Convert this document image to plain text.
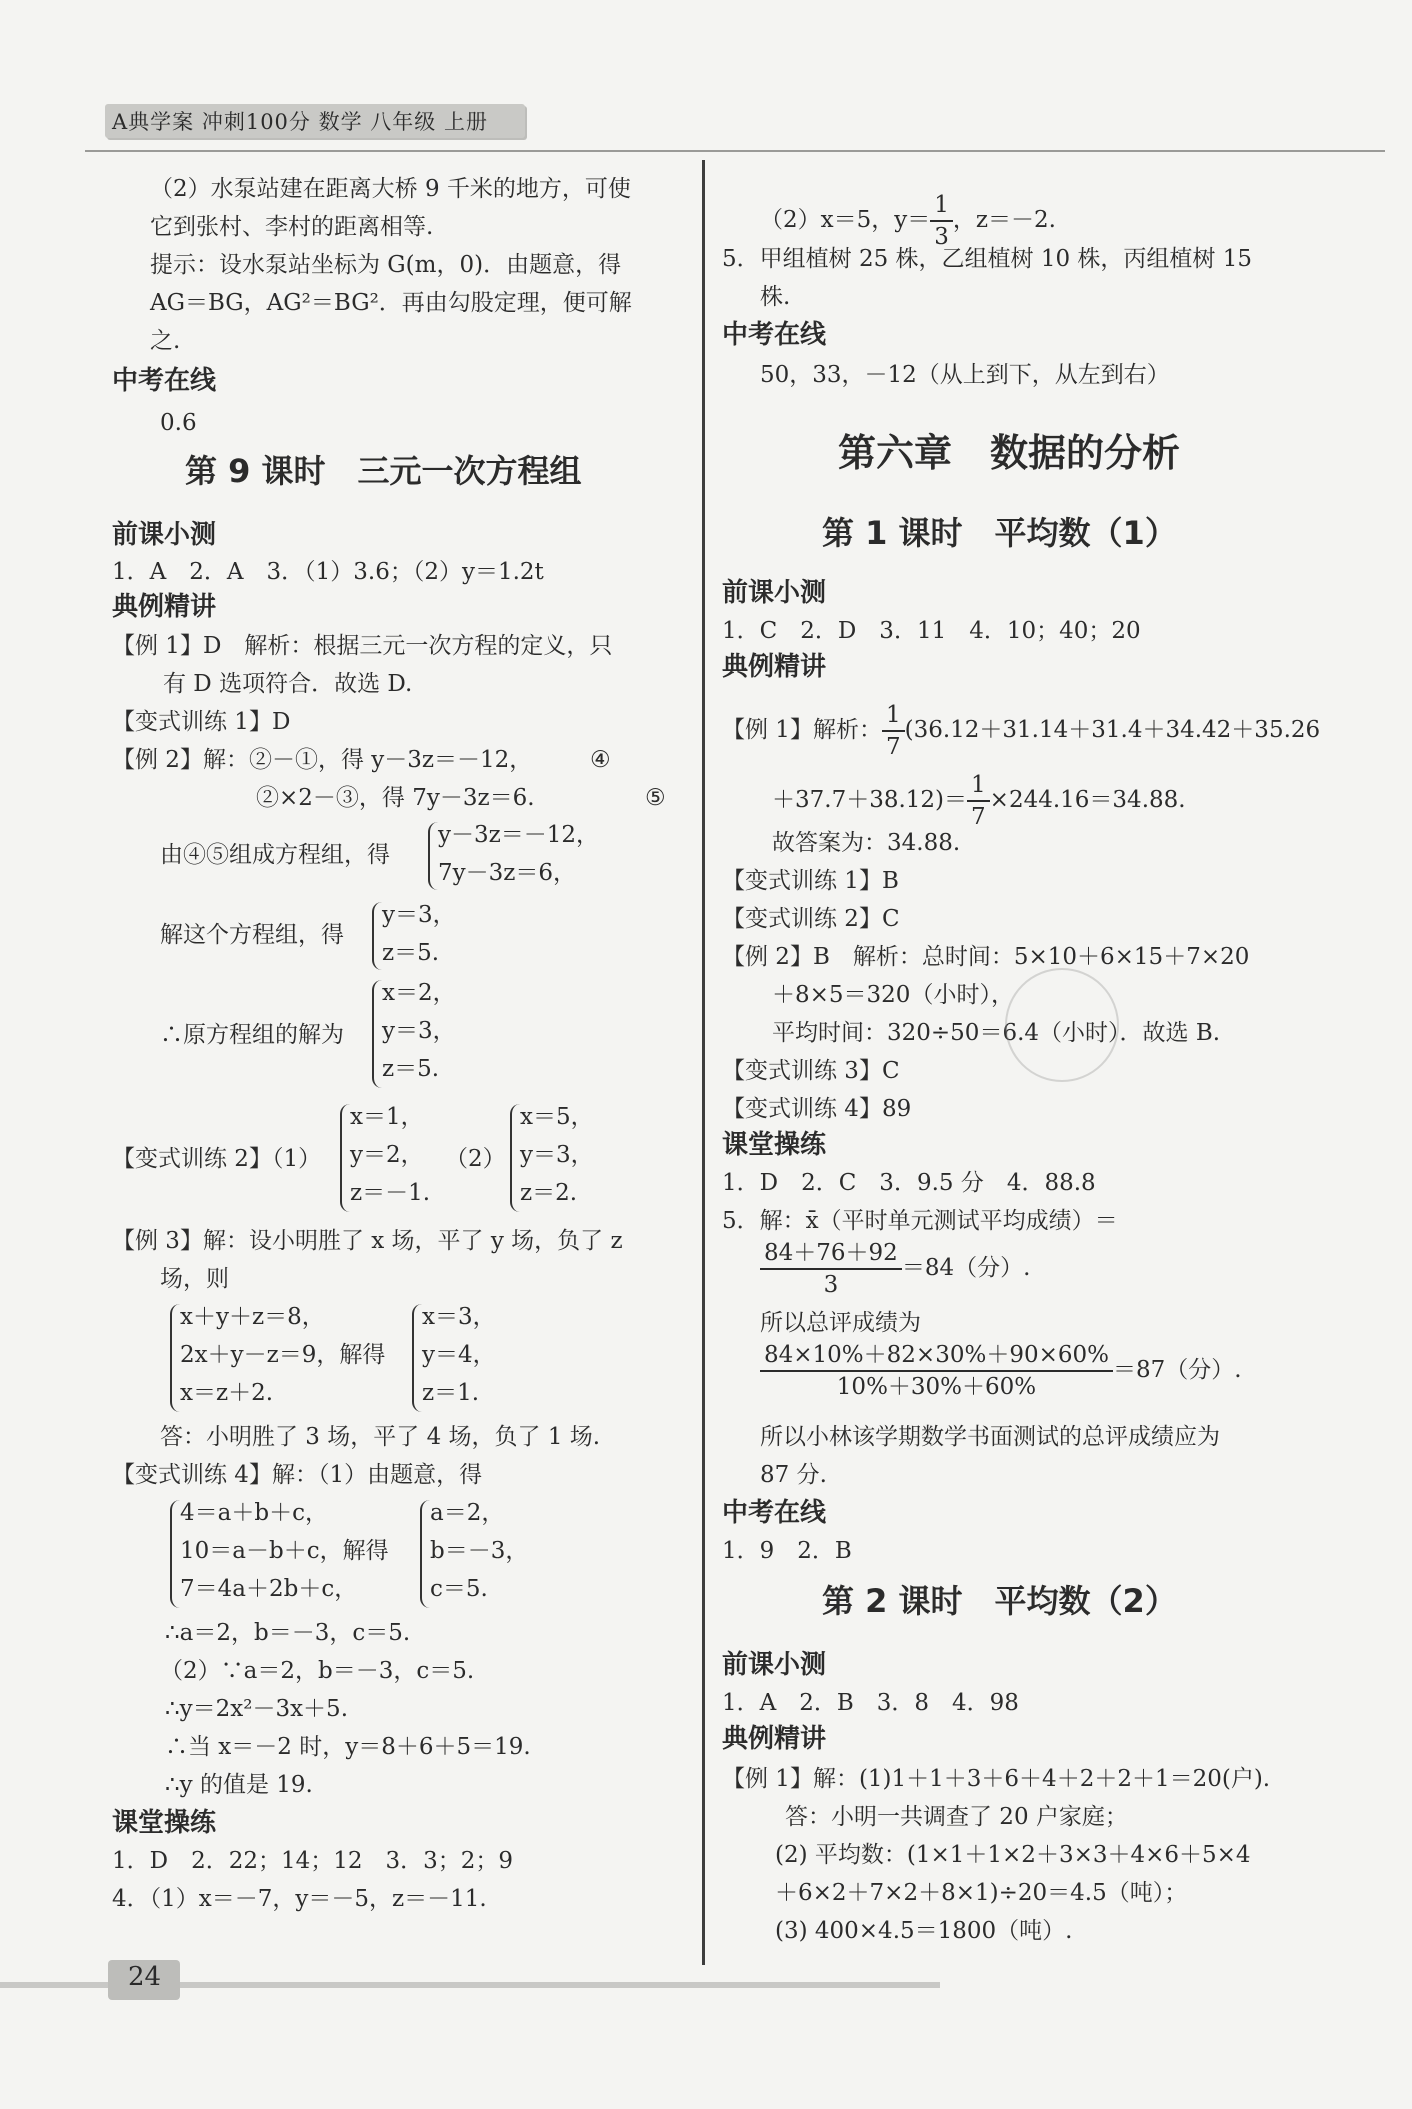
A典学案 冲刺100分 数学 八年级 上册
（2）水泵站建在距离大桥 9 千米的地方，可使
它到张村、李村的距离相等.
提示：设水泵站坐标为 G(m，0)．由题意，得
AG＝BG，AG²＝BG²．再由勾股定理，便可解
之.
中考在线
0.6
第 9 课时　三元一次方程组
前课小测
1．A　2．A　3．（1）3.6；（2）y＝1.2t
典例精讲
【例 1】D　解析：根据三元一次方程的定义，只
有 D 选项符合．故选 D.
【变式训练 1】D
【例 2】解：②－①，得 y－3z＝－12，	④
②×2－③，得 7y－3z＝6.	⑤
由④⑤组成方程组，得
y－3z＝－12，
7y－3z＝6，
解这个方程组，得
y＝3，
z＝5.
∴原方程组的解为
x＝2，
y＝3，
z＝5.
【变式训练 2】（1）
x＝1，
y＝2，
z＝－1.
（2）
x＝5，
y＝3，
z＝2.
【例 3】解：设小明胜了 x 场，平了 y 场，负了 z
场，则
x＋y＋z＝8，
2x＋y－z＝9，解得
x＝z＋2.
x＝3，
y＝4，
z＝1.
答：小明胜了 3 场，平了 4 场，负了 1 场.
【变式训练 4】解：（1）由题意，得
4＝a＋b＋c，
10＝a－b＋c，解得
7＝4a＋2b＋c，
a＝2，
b＝－3，
c＝5.
∴a＝2，b＝－3，c＝5.
（2）∵a＝2，b＝－3，c＝5.
∴y＝2x²－3x＋5.
∴当 x＝－2 时，y＝8＋6＋5＝19.
∴y 的值是 19.
课堂操练
1．D　2．22；14；12　3．3；2；9
4．（1）x＝－7，y＝－5，z＝－11.
（2）x＝5，$y= \frac{1}{3}$ ，z＝－2.
5．甲组植树 25 株，乙组植树 10 株，丙组植树 15
株.
中考在线
50，33，－12（从上到下，从左到右）
第六章　数据的分析
第 1 课时　平均数（1）
前课小测
1．C　2．D　3．11　4．10；40；20
典例精讲
【例 1】解析： $\frac{1}{7} (36.12+31.14+31.4+34.42+35.26$
$+37.7+38.12)= \frac{1}{7} \times 244.16=34.88$.
故答案为：34.88.
【变式训练 1】B
【变式训练 2】C
【例 2】B　解析：总时间：5×10＋6×15＋7×20
＋8×5＝320（小时），
平均时间：320÷50＝6.4（小时）．故选 B.
【变式训练 3】C
【变式训练 4】89
课堂操练
1．D　2．C　3．9.5 分　4．88.8
5．解：x̄（平时单元测试平均成绩）＝
$\frac{84+76+92}{3} =84$（分）.
所以总评成绩为
$\frac{84\times 10\%+82\times 30\%+90\times 60\%}{10\%+30\%+60\%} =87$（分）.
所以小林该学期数学书面测试的总评成绩应为
87 分.
中考在线
1．9　2．B
第 2 课时　平均数（2）
前课小测
1．A　2．B　3．8　4．98
典例精讲
【例 1】解：(1)1＋1＋3＋6＋4＋2＋2＋1＝20(户).
答：小明一共调查了 20 户家庭；
(2) 平均数：(1×1＋1×2＋3×3＋4×6＋5×4
＋6×2＋7×2＋8×1)÷20＝4.5（吨）；
(3) 400×4.5＝1800（吨）.
24
